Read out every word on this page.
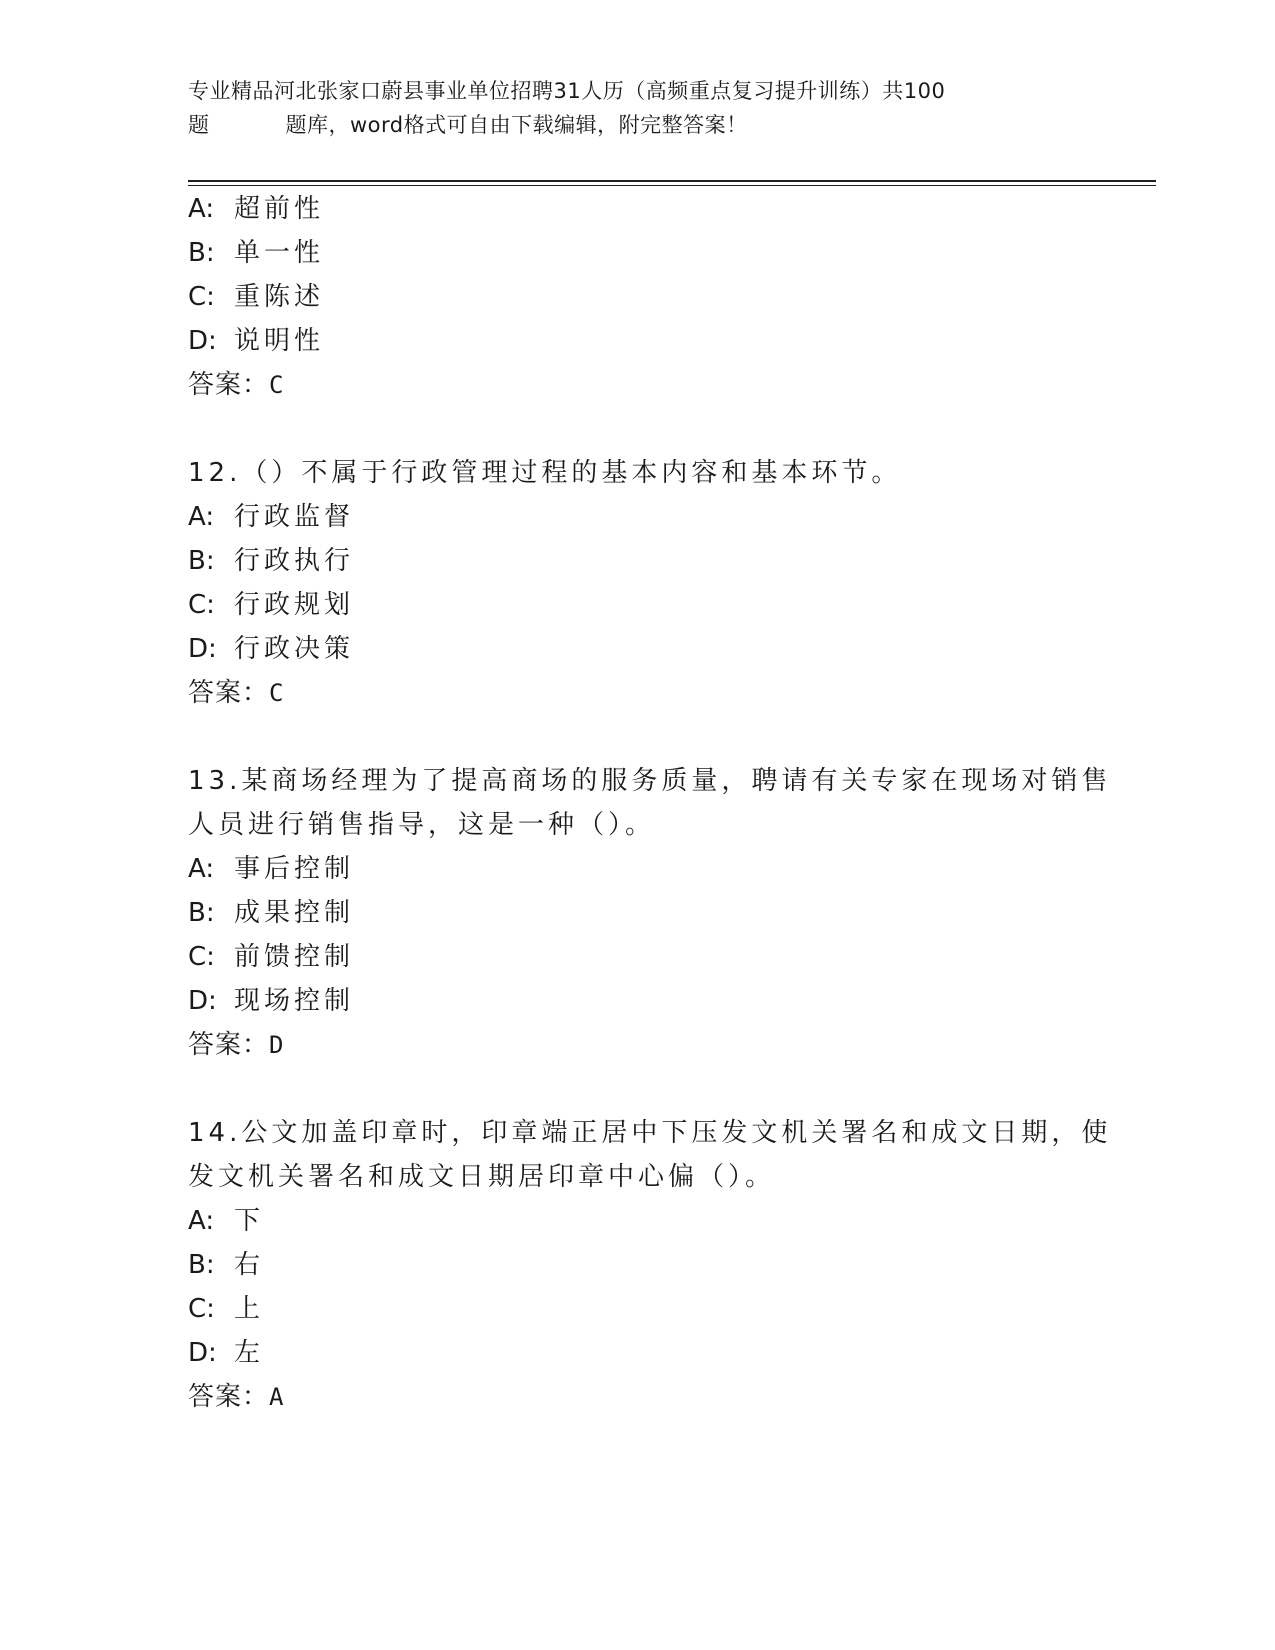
专业精品河北张家口蔚县事业单位招聘31人历（高频重点复习提升训练）共100
题	题库，word格式可自由下载编辑，附完整答案！
A: 超前性
B: 单一性
C: 重陈述
D: 说明性
答案：C
12.（）不属于行政管理过程的基本内容和基本环节。
A: 行政监督
B: 行政执行
C: 行政规划
D: 行政决策
答案：C
13.某商场经理为了提高商场的服务质量，聘请有关专家在现场对销售
人员进行销售指导，这是一种（）。
A: 事后控制
B: 成果控制
C: 前馈控制
D: 现场控制
答案：D
14.公文加盖印章时，印章端正居中下压发文机关署名和成文日期，使
发文机关署名和成文日期居印章中心偏（）。
A: 下
B: 右
C: 上
D: 左
答案：A
